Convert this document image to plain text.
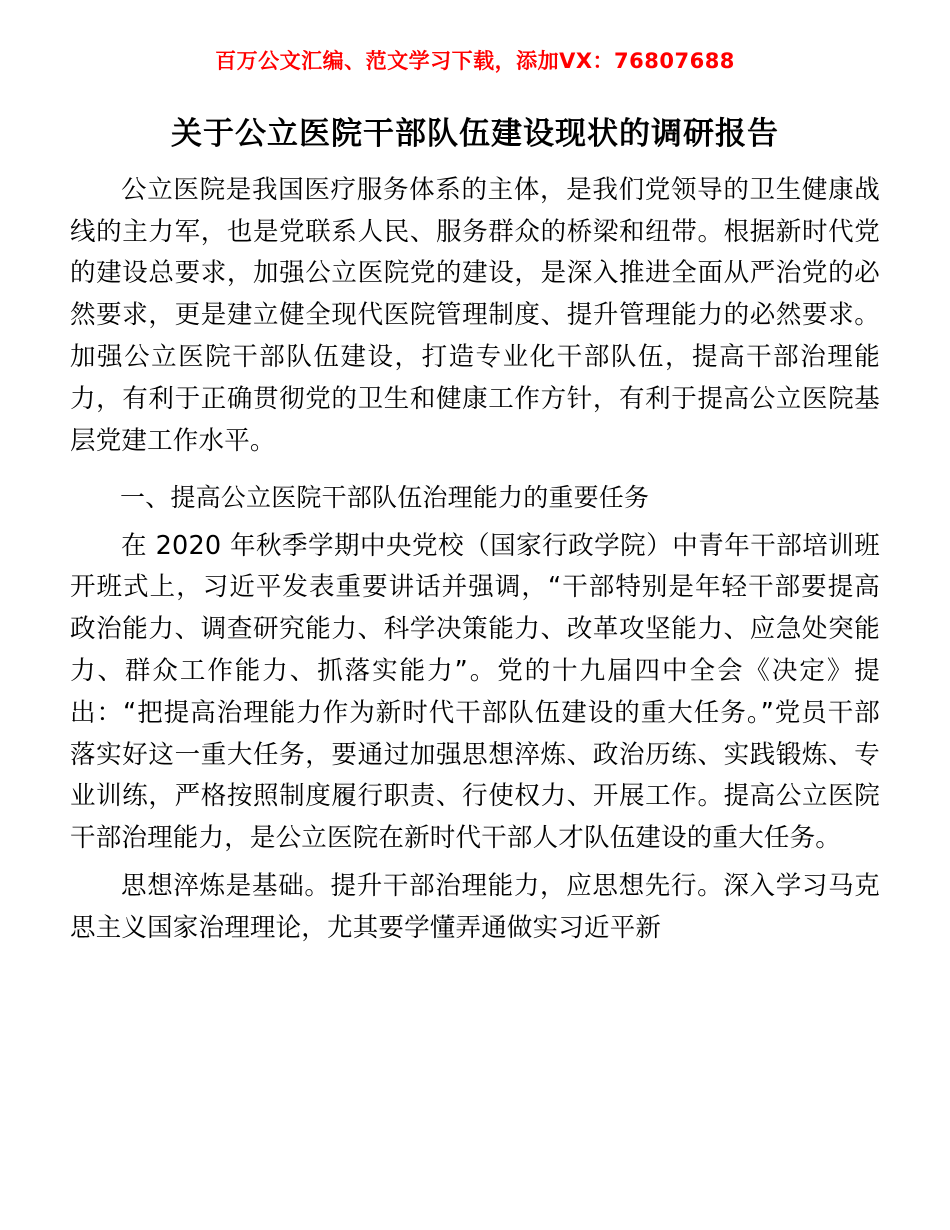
百万公文汇编、范文学习下载，添加VX：76807688
关于公立医院干部队伍建设现状的调研报告

公立医院是我国医疗服务体系的主体，是我们党领导的卫生健康战线的主力军，也是党联系人民、服务群众的桥梁和纽带。根据新时代党的建设总要求，加强公立医院党的建设，是深入推进全面从严治党的必然要求，更是建立健全现代医院管理制度、提升管理能力的必然要求。加强公立医院干部队伍建设，打造专业化干部队伍，提高干部治理能力，有利于正确贯彻党的卫生和健康工作方针，有利于提高公立医院基层党建工作水平。

一、提高公立医院干部队伍治理能力的重要任务

在 2020 年秋季学期中央党校（国家行政学院）中青年干部培训班开班式上，习近平发表重要讲话并强调，“干部特别是年轻干部要提高政治能力、调查研究能力、科学决策能力、改革攻坚能力、应急处突能力、群众工作能力、抓落实能力”。党的十九届四中全会《决定》提出：“把提高治理能力作为新时代干部队伍建设的重大任务。”党员干部落实好这一重大任务，要通过加强思想淬炼、政治历练、实践锻炼、专业训练，严格按照制度履行职责、行使权力、开展工作。提高公立医院干部治理能力，是公立医院在新时代干部人才队伍建设的重大任务。

思想淬炼是基础。提升干部治理能力，应思想先行。深入学习马克思主义国家治理理论，尤其要学懂弄通做实习近平新
